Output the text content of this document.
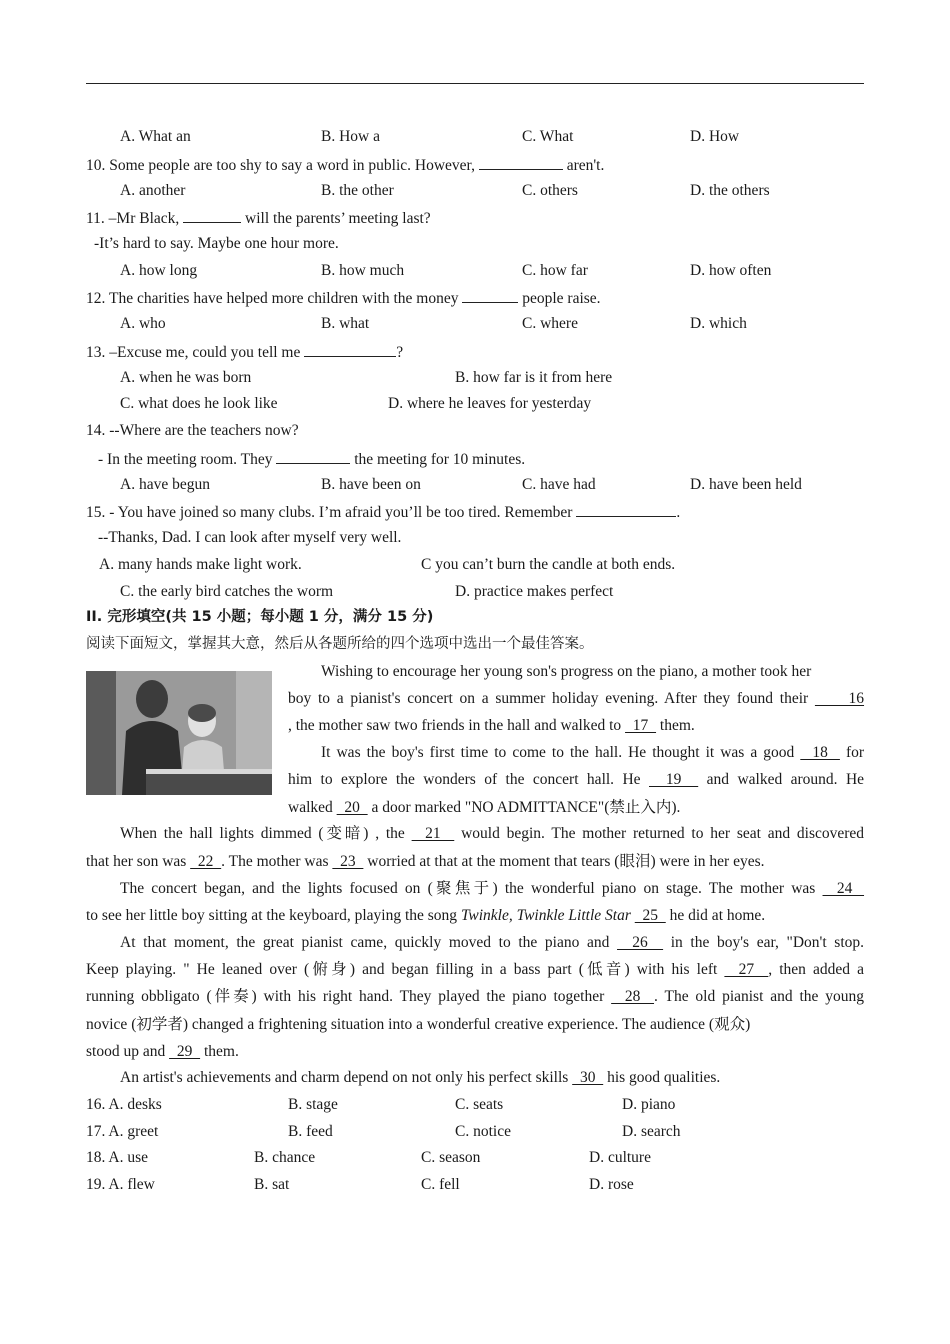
A. What an	B. How a	C. What	D. How
10. Some people are too shy to say a word in public. However,	aren't.
A. another	B. the other	C. others	D. the others
11. –Mr Black,	will the parents’ meeting last?
-It’s hard to say. Maybe one hour more.
A. how long	B. how much	C. how far	D. how often
12. The charities have helped more children with the money	people raise.
A. who	B. what	C. where	D. which
13. –Excuse me, could you tell me	?
A. when he was born	B. how far is it from here
C. what does he look like	D. where he leaves for yesterday
14. --Where are the teachers now?
- In the meeting room. They	the meeting for 10 minutes.
A. have begun	B. have been on	C. have had	D. have been held
15. - You have joined so many clubs. I’m afraid you’ll be too tired. Remember	.
--Thanks, Dad. I can look after myself very well.
A. many hands make light work.	C you can’t burn the candle at both ends.
C. the early bird catches the worm	D. practice makes perfect
II. 完形填空(共 15 小题；每小题 1 分，满分 15 分)
阅读下面短文，掌握其大意，然后从各题所给的四个选项中选出一个最佳答案。
Wishing to encourage her young son's progress on the piano, a mother took her
boy to a pianist's concert on a summer holiday evening. After they found their      16
, the mother saw two friends in the hall and walked to   17   them.
It was the boy's first time to come to the hall. He thought it was a good   18   for
him to explore the wonders of the concert hall. He   19   and walked around. He
walked   20   a door marked "NO ADMITTANCE"(禁止入内).
When the hall lights dimmed (变暗) , the   21   would begin. The mother returned to her seat and discovered
that her son was   22  . The mother was   23   worried at that at the moment that tears (眼泪) were in her eyes.
The concert began, and the lights focused on (聚焦于) the wonderful piano on stage. The mother was   24
to see her little boy sitting at the keyboard, playing the song Twinkle, Twinkle Little Star   25   he did at home.
At that moment, the great pianist came, quickly moved to the piano and   26   in the boy's ear, "Don't stop.
Keep playing. " He leaned over (俯身) and began filling in a bass part (低音) with his left   27  , then added a
running obbligato (伴奏) with his right hand. They played the piano together   28  . The old pianist and the young
novice (初学者) changed a frightening situation into a wonderful creative experience. The audience (观众)
stood up and   29   them.
An artist's achievements and charm depend on not only his perfect skills   30   his good qualities.
16. A. desks	B. stage	C. seats	D. piano
17. A. greet	B. feed	C. notice	D. search
18. A. use	B. chance	C. season	D. culture
19. A. flew	B. sat	C. fell	D. rose
